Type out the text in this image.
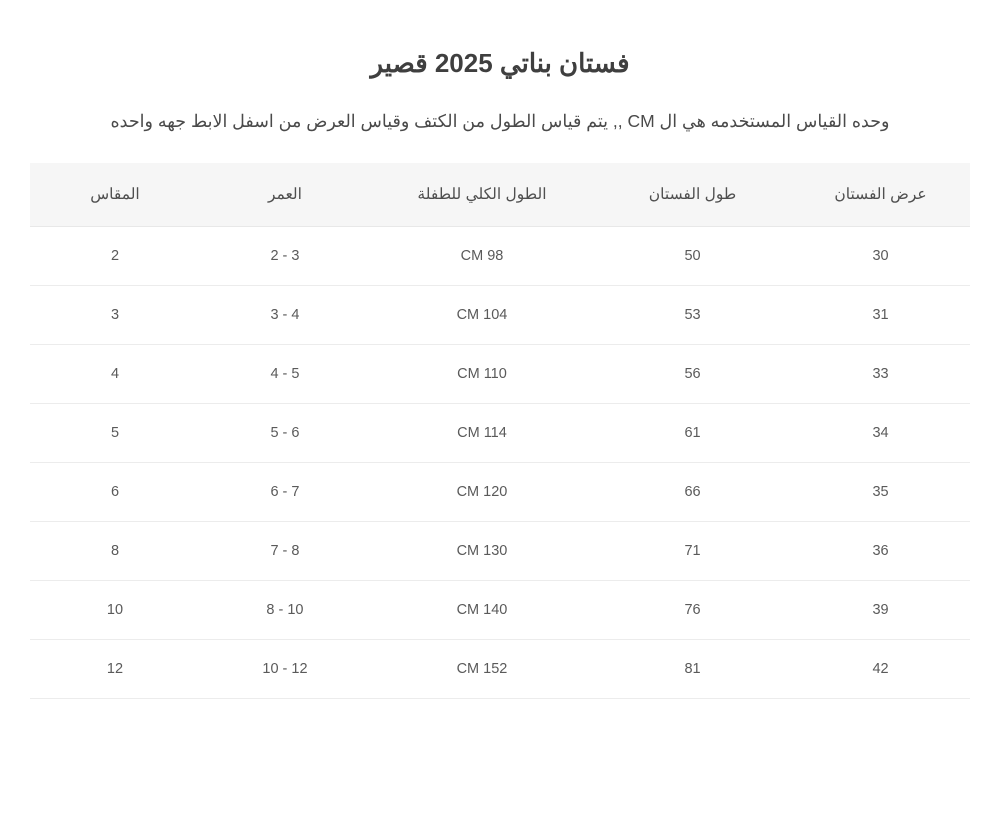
فستان بناتي 2025 قصير

وحده القياس المستخدمه هي ال CM ,, يتم قياس الطول من الكتف وقياس العرض من اسفل الابط جهه واحده

عرض الفستان	طول الفستان	الطول الكلي للطفلة	العمر	المقاس
30	50	CM 98	2 - 3	2
31	53	CM 104	3 - 4	3
33	56	CM 110	4 - 5	4
34	61	CM 114	5 - 6	5
35	66	CM 120	6 - 7	6
36	71	CM 130	7 - 8	8
39	76	CM 140	8 - 10	10
42	81	CM 152	10 - 12	12
